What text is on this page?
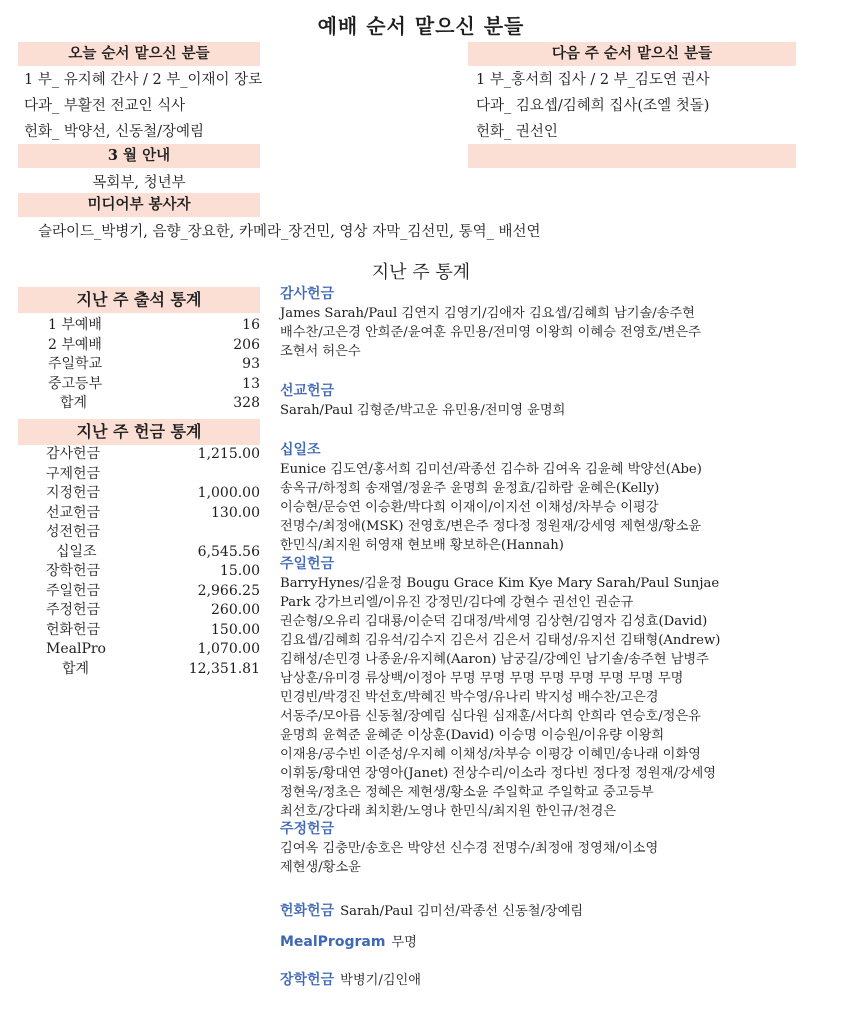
예배 순서 맡으신 분들
오늘 순서 맡으신 분들
1 부_ 유지혜 간사 / 2 부_이재이 장로
다과_ 부활전 전교인 식사
헌화_ 박양선, 신동철/장예림
다음 주 순서 맡으신 분들
1 부_홍서희 집사 / 2 부_김도연 권사
다과_ 김요셉/김혜희 집사(조엘 첫돌)
헌화_ 권선인
3 월 안내
목회부, 청년부
미디어부 봉사자
슬라이드_박병기, 음향_장요한, 카메라_장건민, 영상 자막_김선민, 통역_ 배선연
지난 주 통계
지난 주 출석 통계
1 부예배	16
2 부예배	206
주일학교	93
중고등부	13
합계	328
지난 주 헌금 통계
감사헌금	1,215.00
구제헌금
지정헌금	1,000.00
선교헌금	130.00
성전헌금
십일조	6,545.56
장학헌금	15.00
주일헌금	2,966.25
주정헌금	260.00
헌화헌금	150.00
MealPro	1,070.00
합계	12,351.81
감사헌금
James Sarah/Paul 김연지 김영기/김애자 김요셉/김혜희 남기솔/송주현
배수찬/고은경 안희준/윤여훈 유민용/전미영 이왕희 이혜승 전영호/변은주
조현서 허은수
선교헌금
Sarah/Paul 김형준/박고운 유민용/전미영 윤명희
십일조
Eunice 김도연/홍서희 김미선/곽종선 김수하 김여옥 김윤혜 박양선(Abe)
송옥규/하정희 송재열/정윤주 윤명희 윤정효/김하람 윤혜은(Kelly)
이승현/문승연 이승환/박다희 이재이/이지선 이채성/차부승 이평강
전명수/최정애(MSK) 전영호/변은주 정다정 정원재/강세영 제현생/황소윤
한민식/최지원 허영재 현보배 황보하은(Hannah)
주일헌금
BarryHynes/김윤정 Bougu Grace Kim Kye Mary Sarah/Paul Sunjae
Park 강가브리엘/이유진 강정민/김다예 강현수 권선인 권순규
권순형/오유리 김대룡/이순덕 김대정/박세영 김상현/김영자 김성효(David)
김요셉/김혜희 김유석/김수지 김은서 김은서 김태성/유지선 김태형(Andrew)
김해성/손민경 나종윤/유지혜(Aaron) 남궁길/강예인 남기솔/송주현 남병주
남상훈/유미경 류상백/이정아 무명 무명 무명 무명 무명 무명 무명 무명
민경빈/박경진 박선호/박혜진 박수영/유나리 박지성 배수찬/고은경
서동주/모아름 신동철/장예림 심다원 심재훈/서다희 안희라 연승호/정은유
윤명희 윤혁준 윤혜준 이상훈(David) 이승명 이승원/이유량 이왕희
이재용/공수빈 이준성/우지혜 이채성/차부승 이평강 이혜민/송나래 이화영
이휘동/황대연 장영아(Janet) 전상수리/이소라 정다빈 정다정 정원재/강세영
정현욱/정초은 정혜은 제현생/황소윤 주일학교 주일학교 중고등부
최선호/강다래 최치환/노영나 한민식/최지원 한인규/천경은
주정헌금
김여옥 김충만/송호은 박양선 신수경 전명수/최정애 정영채/이소영
제현생/황소윤
헌화헌금 Sarah/Paul 김미선/곽종선 신동철/장예림
MealProgram 무명
장학헌금 박병기/김인애
